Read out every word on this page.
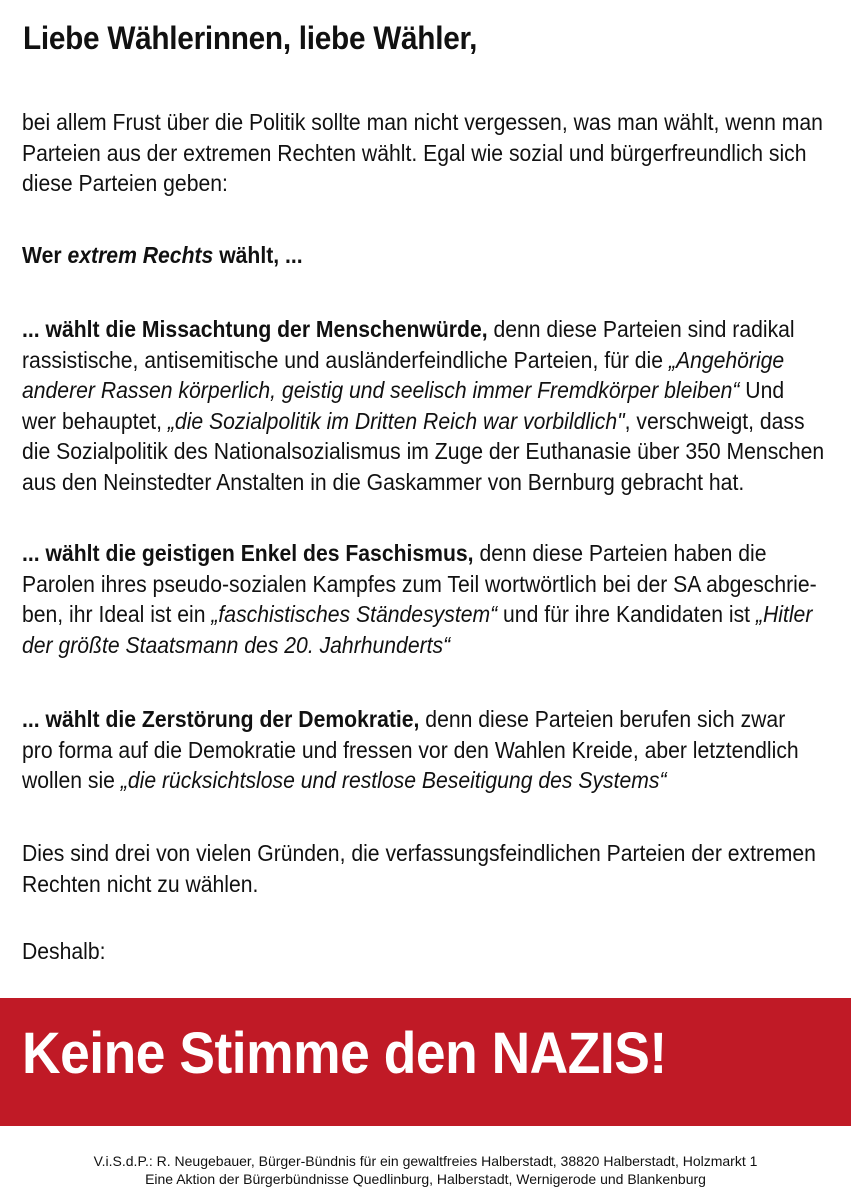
Liebe Wählerinnen, liebe Wähler,
bei allem Frust über die Politik sollte man nicht vergessen, was man wählt, wenn man
Parteien aus der extremen Rechten wählt. Egal wie sozial und bürgerfreundlich sich
diese Parteien geben:
Wer extrem Rechts wählt, ...
... wählt die Missachtung der Menschenwürde, denn diese Parteien sind radikal
rassistische, antisemitische und ausländerfeindliche Parteien, für die „Angehörige
anderer Rassen körperlich, geistig und seelisch immer Fremdkörper bleiben“ Und
wer behauptet, „die Sozialpolitik im Dritten Reich war vorbildlich", verschweigt, dass
die Sozialpolitik des Nationalsozialismus im Zuge der Euthanasie über 350 Menschen
aus den Neinstedter Anstalten in die Gaskammer von Bernburg gebracht hat.
... wählt die geistigen Enkel des Faschismus, denn diese Parteien haben die
Parolen ihres pseudo-sozialen Kampfes zum Teil wortwörtlich bei der SA abgeschrie-
ben, ihr Ideal ist ein „faschistisches Ständesystem“ und für ihre Kandidaten ist „Hitler
der größte Staatsmann des 20. Jahrhunderts“
... wählt die Zerstörung der Demokratie, denn diese Parteien berufen sich zwar
pro forma auf die Demokratie und fressen vor den Wahlen Kreide, aber letztendlich
wollen sie „die rücksichtslose und restlose Beseitigung des Systems“
Dies sind drei von vielen Gründen, die verfassungsfeindlichen Parteien der extremen
Rechten nicht zu wählen.
Deshalb:
Keine Stimme den NAZIS!
V.i.S.d.P.: R. Neugebauer, Bürger-Bündnis für ein gewaltfreies Halberstadt, 38820 Halberstadt, Holzmarkt 1
Eine Aktion der Bürgerbündnisse Quedlinburg, Halberstadt, Wernigerode und Blankenburg
